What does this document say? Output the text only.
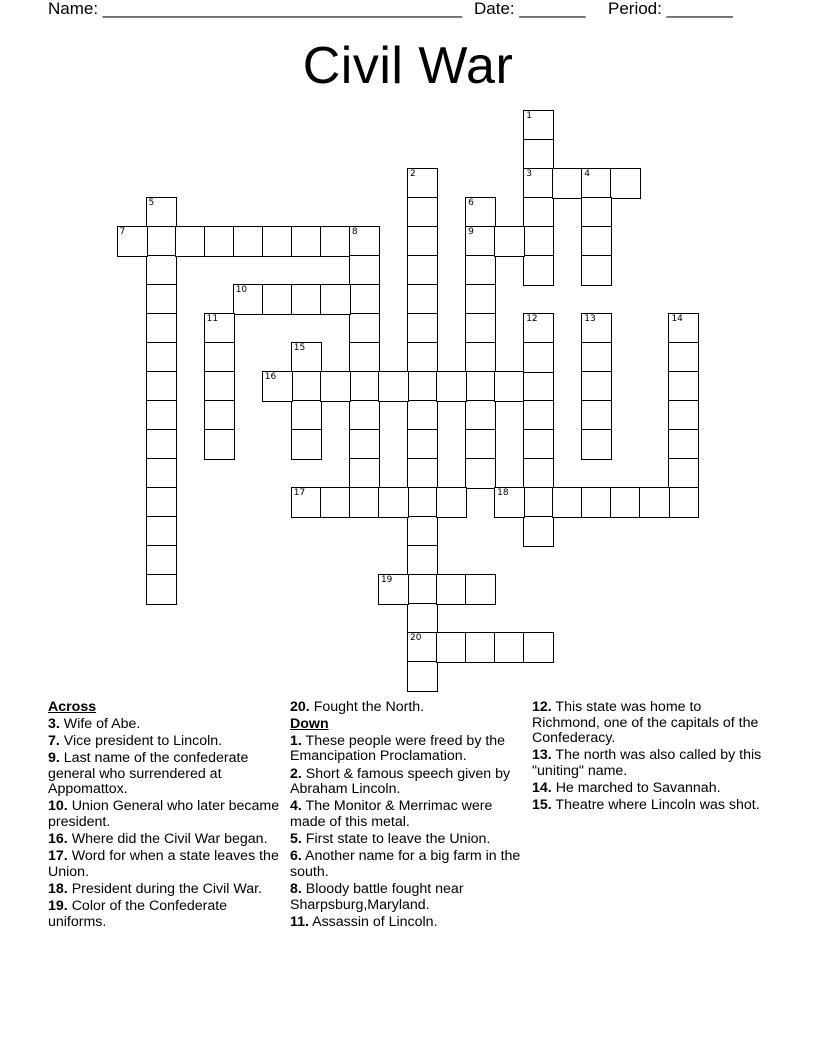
Name: ______________________________________ Date: _______ Period: _______
Civil War
1
3	4
2
20
6
9
5
7	8
10
11
15
16
12	13	14
17	18
19
Across
3. Wife of Abe.
7. Vice president to Lincoln.
9. Last name of the confederate general who surrendered at Appomattox.
10. Union General who later became president.
16. Where did the Civil War began.
17. Word for when a state leaves the Union.
18. President during the Civil War.
19. Color of the Confederate uniforms.
20. Fought the North.
Down
1. These people were freed by the Emancipation Proclamation.
2. Short & famous speech given by Abraham Lincoln.
4. The Monitor & Merrimac were made of this metal.
5. First state to leave the Union.
6. Another name for a big farm in the south.
8. Bloody battle fought near Sharpsburg,Maryland.
11. Assassin of Lincoln.
12. This state was home to Richmond, one of the capitals of the Confederacy.
13. The north was also called by this "uniting" name.
14. He marched to Savannah.
15. Theatre where Lincoln was shot.
